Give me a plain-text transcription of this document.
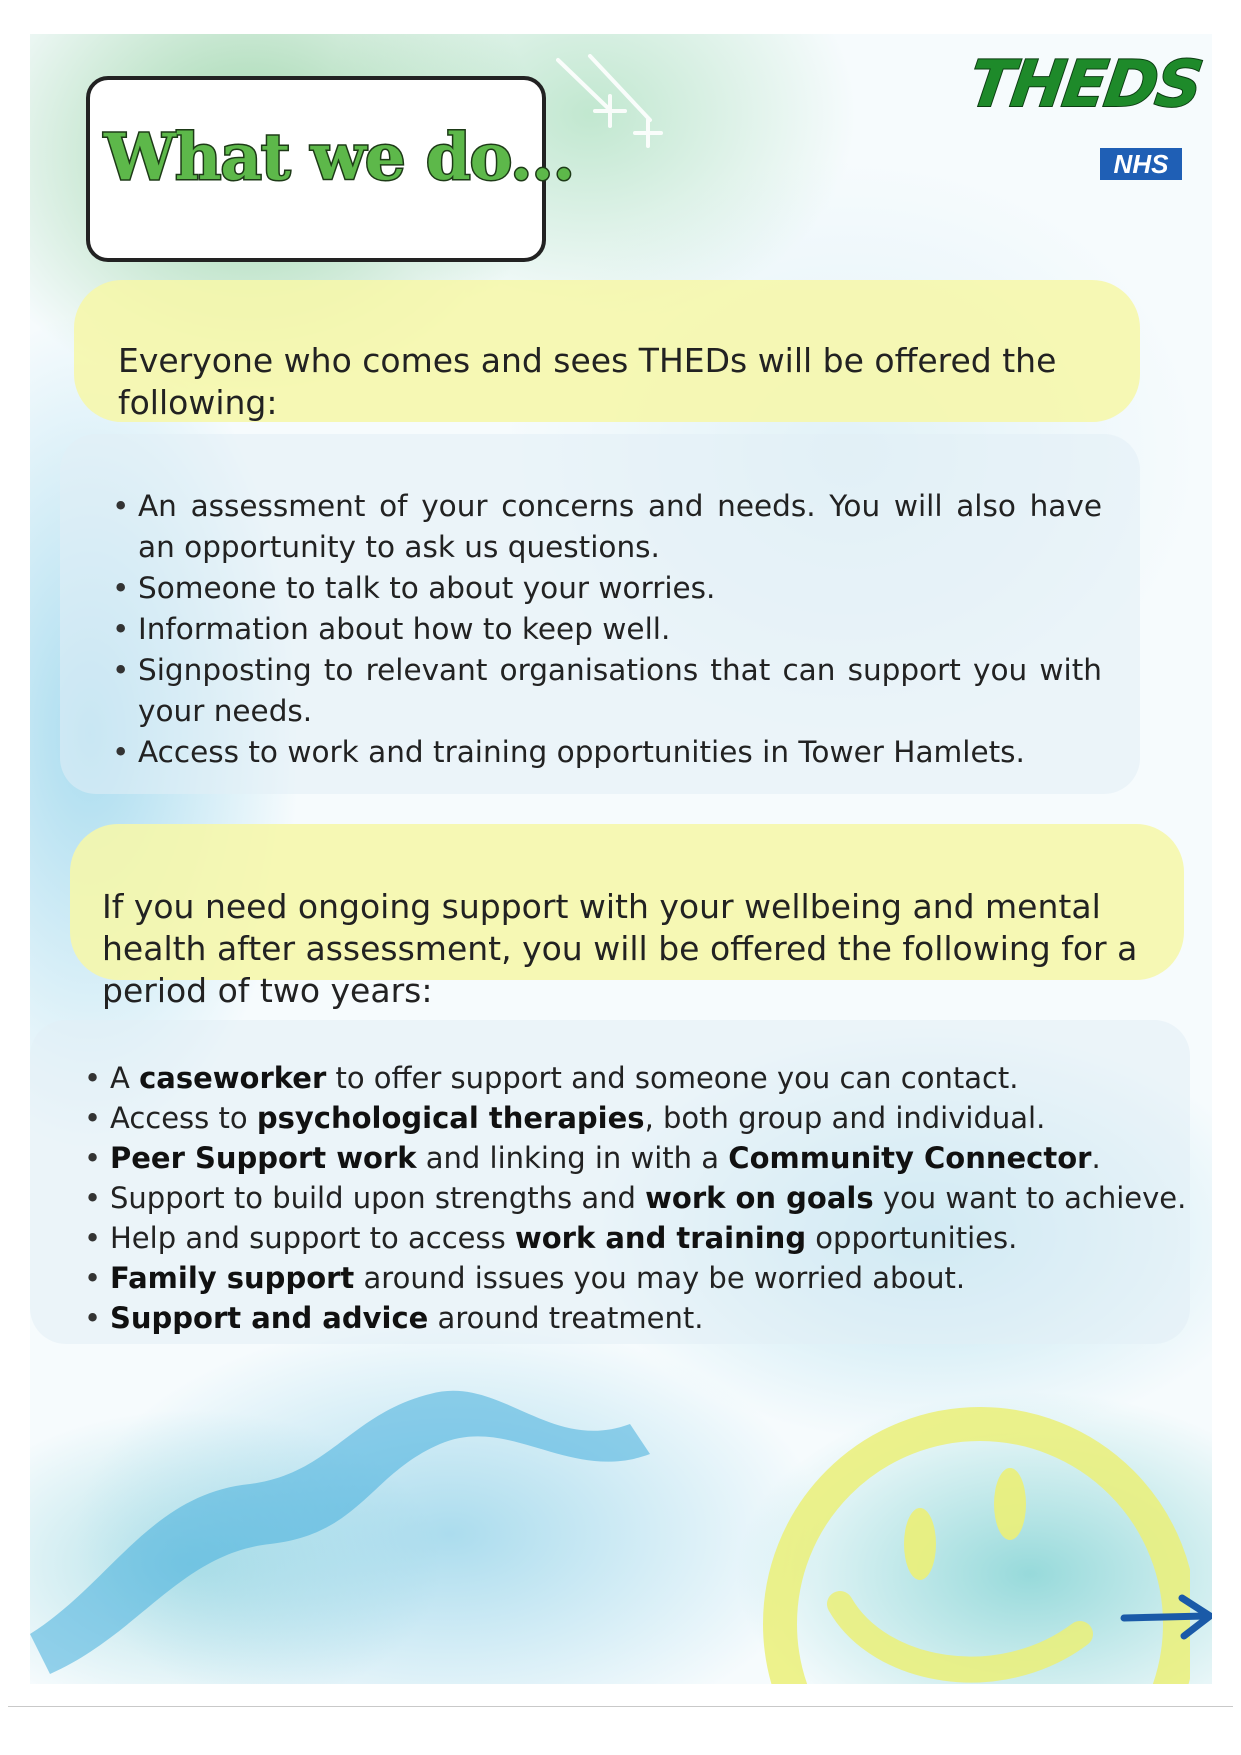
What we do...
THEDS
NHS
Everyone who comes and sees THEDs will be offered the following:
• An assessment of your concerns and needs. You will also have an opportunity to ask us questions.
• Someone to talk to about your worries.
• Information about how to keep well.
• Signposting to relevant organisations that can support you with your needs.
• Access to work and training opportunities in Tower Hamlets.
If you need ongoing support with your wellbeing and mental health after assessment, you will be offered the following for a period of two years:
• A caseworker to offer support and someone you can contact.
• Access to psychological therapies, both group and individual.
• Peer Support work and linking in with a Community Connector.
• Support to build upon strengths and work on goals you want to achieve.
• Help and support to access work and training opportunities.
• Family support around issues you may be worried about.
• Support and advice around treatment.
